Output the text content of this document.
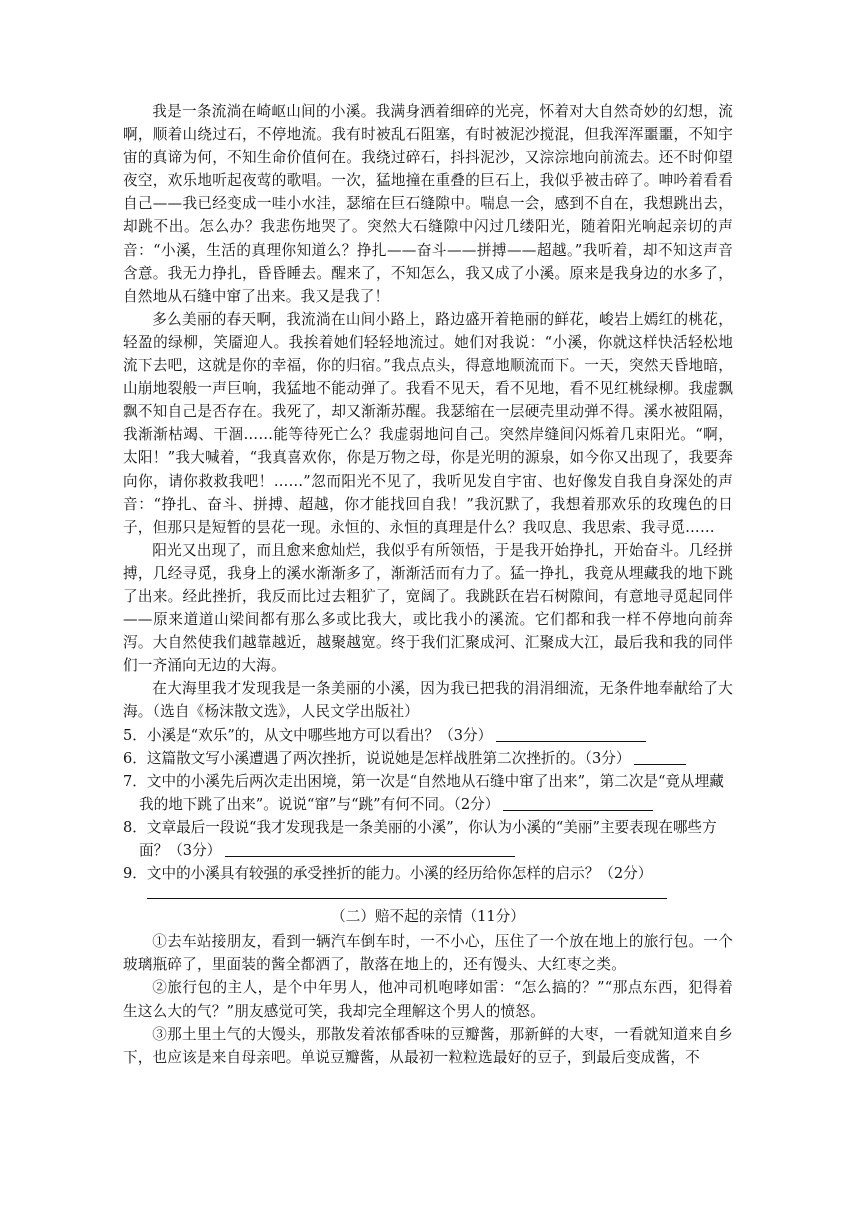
我是一条流淌在崎岖山间的小溪。我满身洒着细碎的光亮，怀着对大自然奇妙的幻想，流啊，顺着山绕过石，不停地流。我有时被乱石阻塞，有时被泥沙搅混，但我浑浑噩噩，不知宇宙的真谛为何，不知生命价值何在。我绕过碎石，抖抖泥沙，又淙淙地向前流去。还不时仰望夜空，欢乐地听起夜莺的歌唱。一次，猛地撞在重叠的巨石上，我似乎被击碎了。呻吟着看看自己——我已经变成一哇小水洼，瑟缩在巨石缝隙中。喘息一会，感到不自在，我想跳出去，却跳不出。怎么办？我悲伤地哭了。突然大石缝隙中闪过几缕阳光，随着阳光响起亲切的声音：“小溪，生活的真理你知道么？挣扎——奋斗——拼搏——超越。”我听着，却不知这声音含意。我无力挣扎，昏昏睡去。醒来了，不知怎么，我又成了小溪。原来是我身边的水多了，自然地从石缝中窜了出来。我又是我了！

多么美丽的春天啊，我流淌在山间小路上，路边盛开着艳丽的鲜花，峻岩上嫣红的桃花，轻盈的绿柳，笑靥迎人。我挨着她们轻轻地流过。她们对我说：“小溪，你就这样快活轻松地流下去吧，这就是你的幸福，你的归宿。”我点点头，得意地顺流而下。一天，突然天昏地暗，山崩地裂般一声巨响，我猛地不能动弹了。我看不见天，看不见地，看不见红桃绿柳。我虚飘飘不知自己是否存在。我死了，却又渐渐苏醒。我瑟缩在一层硬壳里动弹不得。溪水被阻隔，我渐渐枯竭、干涸……能等待死亡么？我虚弱地问自己。突然岸缝间闪烁着几束阳光。“啊，太阳！”我大喊着，“我真喜欢你，你是万物之母，你是光明的源泉，如今你又出现了，我要奔向你，请你救救我吧！……”忽而阳光不见了，我听见发自宇宙、也好像发自我自身深处的声音：“挣扎、奋斗、拼搏、超越，你才能找回自我！”我沉默了，我想着那欢乐的玫瑰色的日子，但那只是短暂的昙花一现。永恒的、永恒的真理是什么？我叹息、我思索、我寻觅……

阳光又出现了，而且愈来愈灿烂，我似乎有所领悟，于是我开始挣扎，开始奋斗。几经拼搏，几经寻觅，我身上的溪水渐渐多了，渐渐活而有力了。猛一挣扎，我竟从埋藏我的地下跳了出来。经此挫折，我反而比过去粗犷了，宽阔了。我跳跃在岩石树隙间，有意地寻觅起同伴——原来道道山梁间都有那么多或比我大，或比我小的溪流。它们都和我一样不停地向前奔泻。大自然使我们越靠越近，越聚越宽。终于我们汇聚成河、汇聚成大江，最后我和我的同伴们一齐涌向无边的大海。

在大海里我才发现我是一条美丽的小溪，因为我已把我的涓涓细流，无条件地奉献给了大海。（选自《杨沫散文选》，人民文学出版社）

5．小溪是“欢乐”的，从文中哪些地方可以看出？（3分）

6．这篇散文写小溪遭遇了两次挫折，说说她是怎样战胜第二次挫折的。（3分）

7．文中的小溪先后两次走出困境，第一次是“自然地从石缝中窜了出来”，第二次是“竟从埋藏我的地下跳了出来”。说说“窜”与“跳”有何不同。（2分）

8．文章最后一段说“我才发现我是一条美丽的小溪”，你认为小溪的“美丽”主要表现在哪些方面？（3分）

9．文中的小溪具有较强的承受挫折的能力。小溪的经历给你怎样的启示？（2分）

（二）赔不起的亲情（11分）

①去车站接朋友，看到一辆汽车倒车时，一不小心，压住了一个放在地上的旅行包。一个玻璃瓶碎了，里面装的酱全都洒了，散落在地上的，还有馒头、大红枣之类。

②旅行包的主人，是个中年男人，他冲司机咆哮如雷：“怎么搞的？”“那点东西，犯得着生这么大的气？”朋友感觉可笑，我却完全理解这个男人的愤怒。

③那土里土气的大馒头，那散发着浓郁香味的豆瓣酱，那新鲜的大枣，一看就知道来自乡下，也应该是来自母亲吧。单说豆瓣酱，从最初一粒粒选最好的豆子，到最后变成酱，不
